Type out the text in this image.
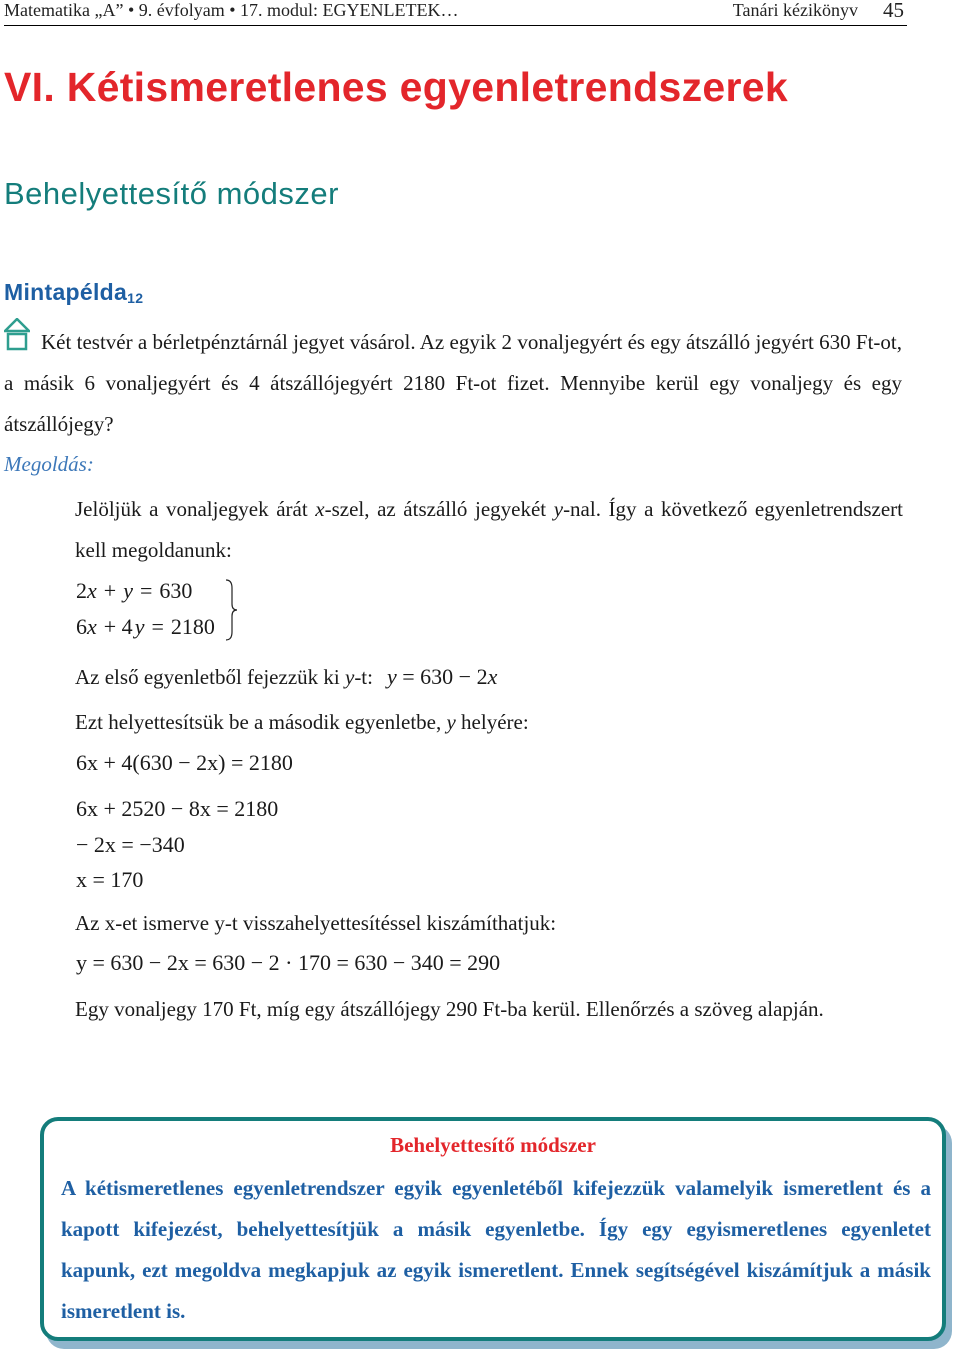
Matematika „A” • 9. évfolyam • 17. modul: EGYENLETEK…	Tanári kézikönyv 45
VI. Kétismeretlenes egyenletrendszerek
Behelyettesítő módszer
Mintapélda$_{12}$
Két testvér a bérletpénztárnál jegyet vásárol. Az egyik 2 vonaljegyért és egy átszálló jegyért 630 Ft-ot, a másik 6 vonaljegyért és 4 átszállójegyért 2180 Ft-ot fizet. Mennyibe kerül egy vonaljegy és egy átszállójegy?
Megoldás:
Jelöljük a vonaljegyek árát x-szel, az átszálló jegyekét y-nal. Így a következő egyenletrendszert kell megoldanunk:
2x + y = 630
6x + 4y = 2180
Az első egyenletből fejezzük ki y-t: y = 630 − 2x
Ezt helyettesítsük be a második egyenletbe, y helyére:
6x + 4(630 − 2x) = 2180
6x + 2520 − 8x = 2180
− 2x = −340
x = 170
Az x-et ismerve y-t visszahelyettesítéssel kiszámíthatjuk:
y = 630 − 2x = 630 − 2 · 170 = 630 − 340 = 290
Egy vonaljegy 170 Ft, míg egy átszállójegy 290 Ft-ba kerül. Ellenőrzés a szöveg alapján.
Behelyettesítő módszer
A kétismeretlenes egyenletrendszer egyik egyenletéből kifejezzük valamelyik ismeretlent és a kapott kifejezést, behelyettesítjük a másik egyenletbe. Így egy egyismeretlenes egyenletet kapunk, ezt megoldva megkapjuk az egyik ismeretlent. Ennek segítségével kiszámítjuk a másik ismeretlent is.
